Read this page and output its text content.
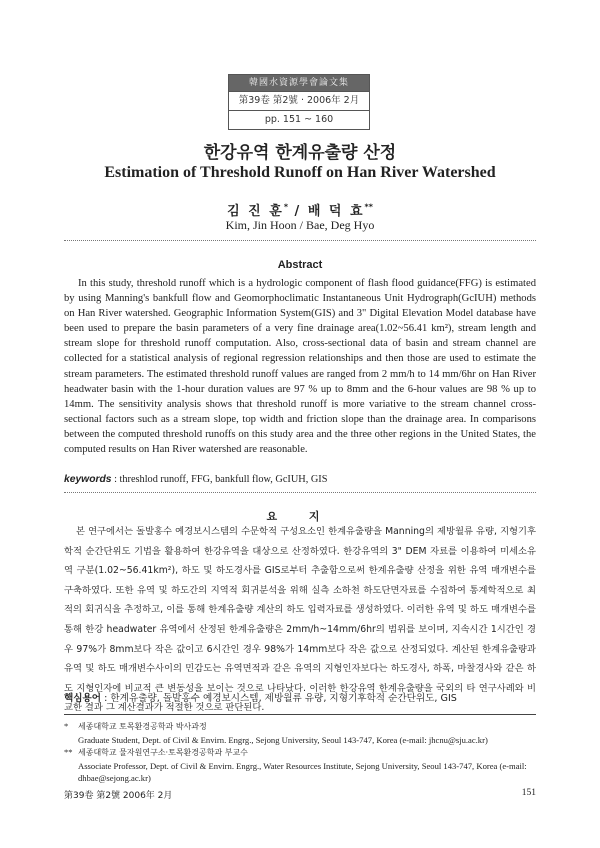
韓國水資源學會論文集
第39卷 第2號 · 2006年 2月
pp. 151 ~ 160
한강유역 한계유출량 산정
Estimation of Threshold Runoff on Han River Watershed
김 진 훈* / 배 덕 효**
Kim, Jin Hoon / Bae, Deg Hyo
Abstract

In this study, threshold runoff which is a hydrologic component of flash flood guidance(FFG) is estimated by using Manning's bankfull flow and Geomorphoclimatic Instantaneous Unit Hydrograph(GcIUH) methods on Han River watershed. Geographic Information System(GIS) and 3" Digital Elevation Model database have been used to prepare the basin parameters of a very fine drainage area(1.02~56.41 km²), stream length and stream slope for threshold runoff computation. Also, cross-sectional data of basin and stream channel are collected for a statistical analysis of regional regression relationships and then those are used to estimate the stream parameters. The estimated threshold runoff values are ranged from 2 mm/h to 14 mm/6hr on Han River headwater basin with the 1-hour duration values are 97 % up to 8mm and the 6-hour values are 98 % up to 14mm. The sensitivity analysis shows that threshold runoff is more variative to the stream channel cross-sectional factors such as a stream slope, top width and friction slope than the drainage area. In comparisons between the computed threshold runoffs on this study area and the three other regions in the United States, the computed results on Han River watershed are reasonable.

keywords : threshlod runoff, FFG, bankfull flow, GcIUH, GIS
요 지

본 연구에서는 돌발홍수 예경보시스템의 수문학적 구성요소인 한계유출량을 Manning의 제방월류 유량, 지형기후학적 순간단위도 기법을 활용하여 한강유역을 대상으로 산정하였다. 한강유역의 3" DEM 자료를 이용하여 미세소유역 구분(1.02~56.41km²), 하도 및 하도경사를 GIS로부터 추출함으로써 한계유출량 산정을 위한 유역 매개변수를 구축하였다. 또한 유역 및 하도간의 지역적 회귀분석을 위해 실측 소하천 하도단면자료를 수집하여 통계학적으로 최적의 회귀식을 추정하고, 이를 통해 한계유출량 계산의 하도 입력자료를 생성하였다. 이러한 유역 및 하도 매개변수를 통해 한강 headwater 유역에서 산정된 한계유출량은 2mm/h~14mm/6hr의 범위를 보이며, 지속시간 1시간인 경우 97%가 8mm보다 작은 값이고 6시간인 경우 98%가 14mm보다 작은 값으로 산정되었다. 계산된 한계유출량과 유역 및 하도 매개변수사이의 민감도는 유역면적과 같은 유역의 지형인자보다는 하도경사, 하폭, 마찰경사와 같은 하도 지형인자에 비교적 큰 변동성을 보이는 것으로 나타났다. 이러한 한강유역 한계유출량을 국외의 타 연구사례와 비교한 결과 그 계산결과가 적절한 것으로 판단된다.

핵심용어 : 한계유출량, 돌발홍수 예경보시스템, 제방월류 유량, 지형기후학적 순간단위도, GIS
* 세종대학교 토목환경공학과 박사과정
Graduate Student, Dept. of Civil & Envirn. Engrg., Sejong University, Seoul 143-747, Korea (e-mail: jhcnu@sju.ac.kr)
** 세종대학교 물자원연구소·토목환경공학과 부교수
Associate Professor, Dept. of Civil & Envirn. Engrg., Water Resources Institute, Sejong University, Seoul 143-747, Korea (e-mail: dhbae@sejong.ac.kr)
第39卷 第2號 2006年 2月	151
